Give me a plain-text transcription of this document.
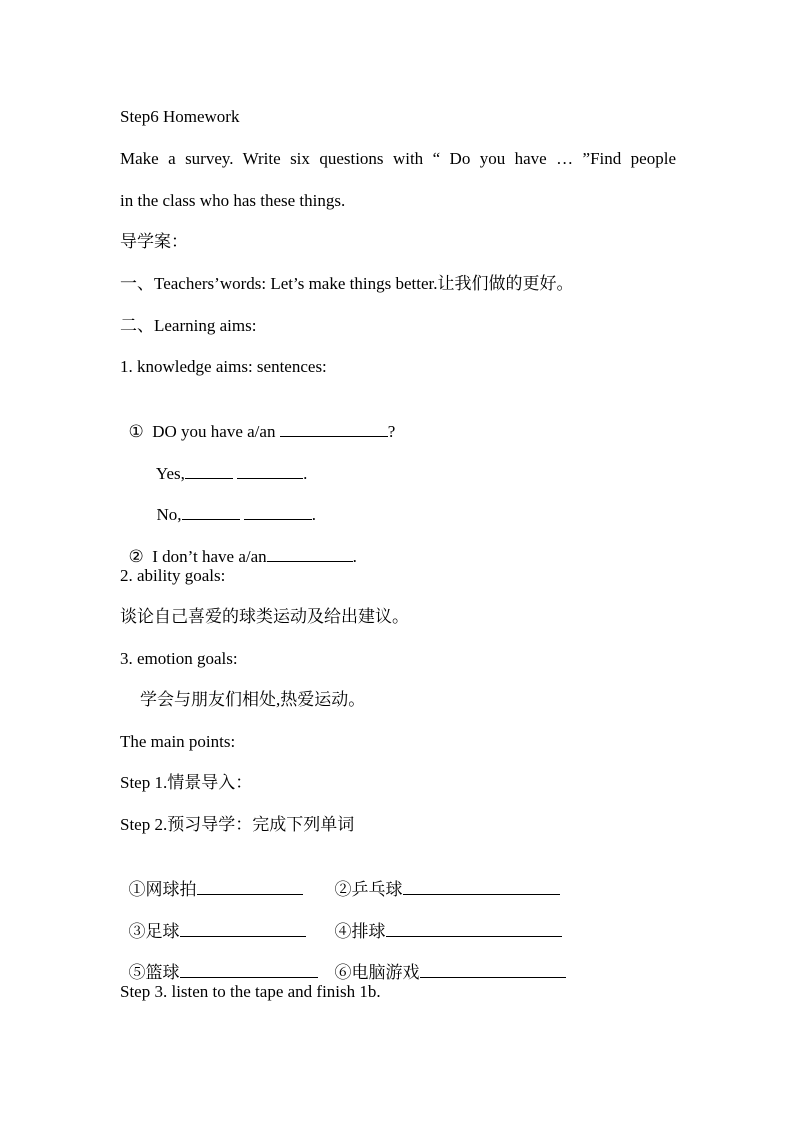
Step6 Homework
Make a survey. Write six questions with “ Do you have … ”Find people
in the class who has these things.
导学案：
一、Teachers’words: Let’s make things better.让我们做的更好。
二、Learning aims:
1. knowledge aims: sentences:

①  DO you have a/an	?

Yes,	.

No,	.

②  I don’t have a/an	.

2. ability goals:
谈论自己喜爱的球类运动及给出建议。
3. emotion goals:
学会与朋友们相处,热爱运动。
The main points:
Step 1.情景导入：
Step 2.预习导学：完成下列单词

①网球拍	②乒乓球

③足球	④排球

⑤篮球	⑥电脑游戏

Step 3. listen to the tape and finish 1b.
